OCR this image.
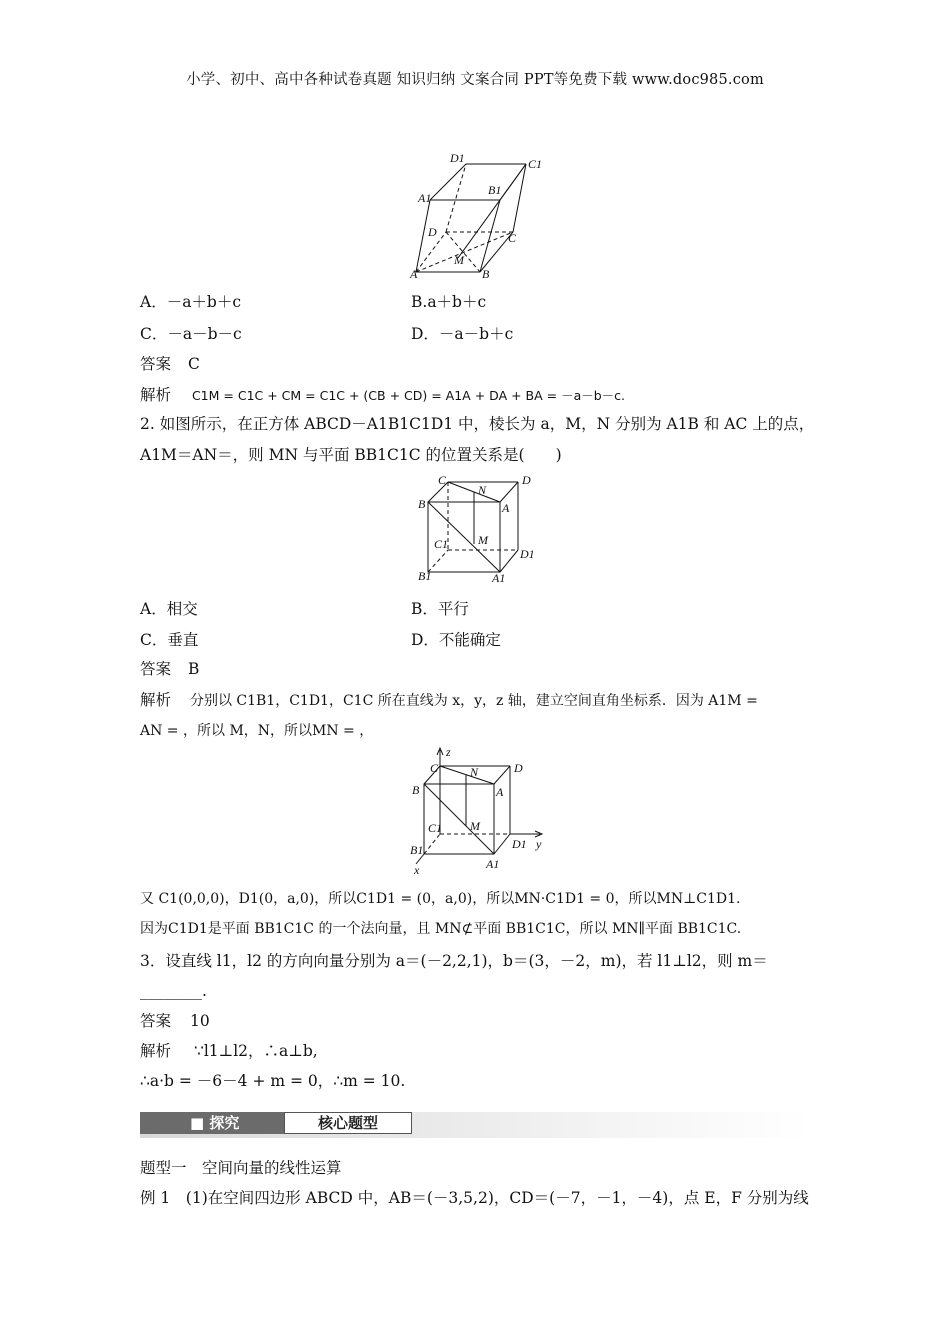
小学、初中、高中各种试卷真题 知识归纳 文案合同 PPT等免费下载 www.doc985.com
D1	C1
A1
B1
D	C
A
M
B
A．－a＋b＋c	B.a＋b＋c
C．－a－b－c	D．－a－b＋c
答案 C
解析 C1M = C1C + CM = C1C + (CB + CD) = A1A + DA + BA = －a－b－c.
2. 如图所示，在正方体 ABCD－A1B1C1D1 中，棱长为 a，M，N 分别为 A1B 和 AC 上的点，
A1M＝AN＝，则 MN 与平面 BB1C1C 的位置关系是(　　)
B
C
N
D
A
C1 M
D1
B1	A1
A．相交	B．平行
C．垂直	D．不能确定
答案 B
解析 分别以 C1B1，C1D1，C1C 所在直线为 x，y，z 轴，建立空间直角坐标系．因为 A1M =
AN = ，所以 M，N，所以MN = ，
z
C	N	D
B	A
C1 M
D1 y
B1
A1
x
又 C1(0,0,0)，D1(0，a,0)，所以C1D1 = (0，a,0)，所以MN·C1D1 = 0，所以MN⊥C1D1.
因为C1D1是平面 BB1C1C 的一个法向量，且 MN⊄平面 BB1C1C，所以 MN∥平面 BB1C1C.
3．设直线 l1，l2 的方向向量分别为 a＝(－2,2,1)，b＝(3，－2，m)，若 l1⊥l2，则 m＝
________.
答案 10
解析 ∵l1⊥l2，∴a⊥b,
∴a·b = －6－4 + m = 0，∴m = 10.
■ 探究	核心题型
题型一　空间向量的线性运算
例 1　(1)在空间四边形 ABCD 中，AB＝(－3,5,2)，CD＝(－7，－1，－4)，点 E，F 分别为线
